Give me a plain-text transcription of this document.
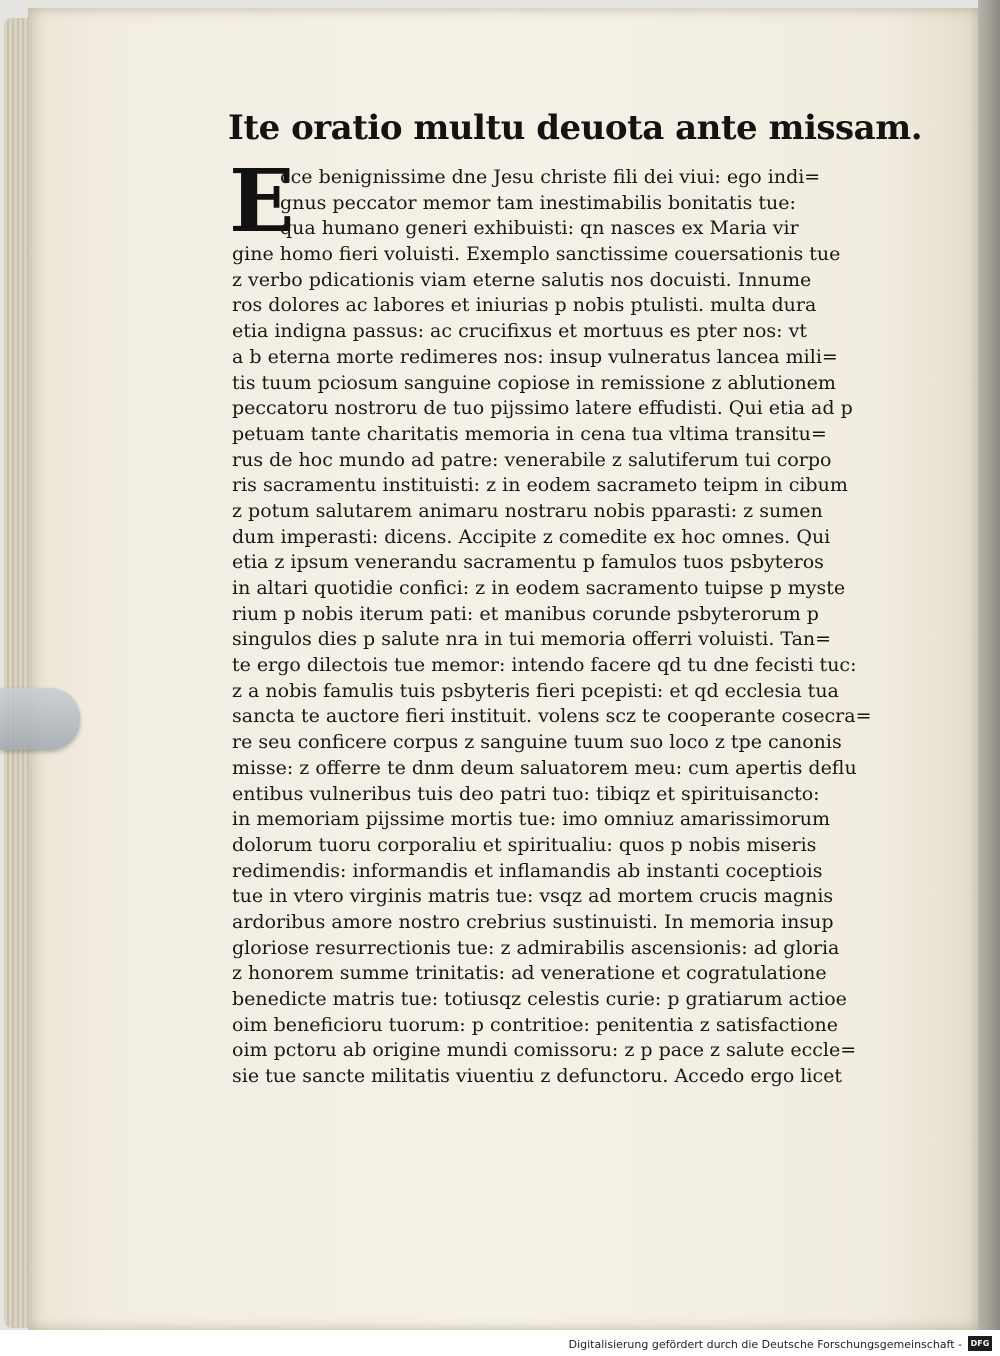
Ite oratio multu deuota ante missam.
E
cce benignissime dne Jesu christe fili dei viui: ego indi=
gnus peccator memor tam inestimabilis bonitatis tue:
qua humano generi exhibuisti: qn nasces ex Maria vir
gine homo fieri voluisti. Exemplo sanctissime couersationis tue
z verbo pdicationis viam eterne salutis nos docuisti. Innume
ros dolores ac labores et iniurias p nobis ptulisti. multa dura
etia indigna passus: ac crucifixus et mortuus es pter nos: vt
a b eterna morte redimeres nos: insup vulneratus lancea mili=
tis tuum pciosum sanguine copiose in remissione z ablutionem
peccatoru nostroru de tuo pijssimo latere effudisti. Qui etia ad p
petuam tante charitatis memoria in cena tua vltima transitu=
rus de hoc mundo ad patre: venerabile z salutiferum tui corpo
ris sacramentu instituisti: z in eodem sacrameto teipm in cibum
z potum salutarem animaru nostraru nobis pparasti: z sumen
dum imperasti: dicens. Accipite z comedite ex hoc omnes. Qui
etia z ipsum venerandu sacramentu p famulos tuos psbyteros
in altari quotidie confici: z in eodem sacramento tuipse p myste
rium p nobis iterum pati: et manibus corunde psbyterorum p
singulos dies p salute nra in tui memoria offerri voluisti. Tan=
te ergo dilectois tue memor: intendo facere qd tu dne fecisti tuc:
z a nobis famulis tuis psbyteris fieri pcepisti: et qd ecclesia tua
sancta te auctore fieri instituit. volens scz te cooperante cosecra=
re seu conficere corpus z sanguine tuum suo loco z tpe canonis
misse: z offerre te dnm deum saluatorem meu: cum apertis deflu
entibus vulneribus tuis deo patri tuo: tibiqz et spirituisancto:
in memoriam pijssime mortis tue: imo omniuz amarissimorum
dolorum tuoru corporaliu et spiritualiu: quos p nobis miseris
redimendis: informandis et inflamandis ab instanti coceptiois
tue in vtero virginis matris tue: vsqz ad mortem crucis magnis
ardoribus amore nostro crebrius sustinuisti. In memoria insup
gloriose resurrectionis tue: z admirabilis ascensionis: ad gloria
z honorem summe trinitatis: ad veneratione et cogratulatione
benedicte matris tue: totiusqz celestis curie: p gratiarum actioe
oim beneficioru tuorum: p contritioe: penitentia z satisfactione
oim pctoru ab origine mundi comissoru: z p pace z salute eccle=
sie tue sancte militatis viuentiu z defunctoru. Accedo ergo licet
Digitalisierung gefördert durch die Deutsche Forschungsgemeinschaft -	DFG
